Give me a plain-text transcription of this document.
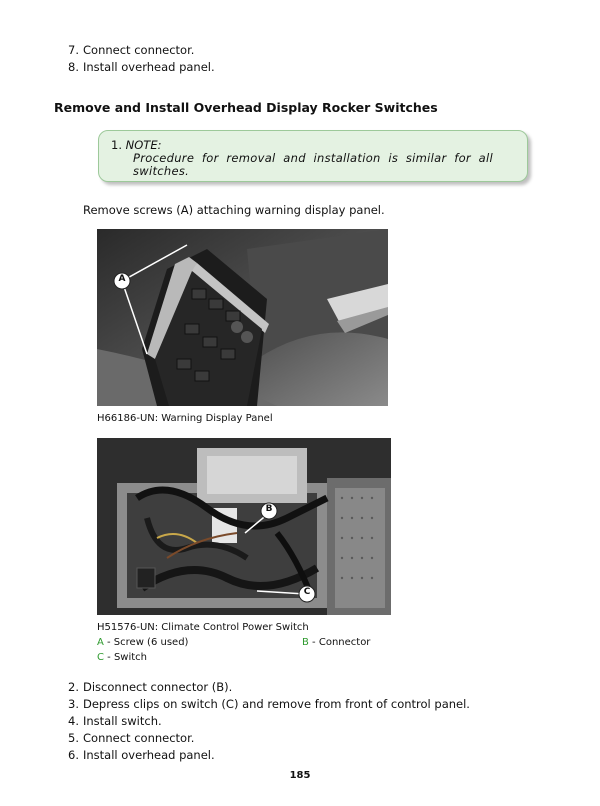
7. Connect connector.
8. Install overhead panel.
Remove and Install Overhead Display Rocker Switches
1. NOTE:
Procedure for removal and installation is similar for all switches.
Remove screws (A) attaching warning display panel.
A
H66186-UN: Warning Display Panel
B
C
H51576-UN: Climate Control Power Switch
A - Screw (6 used)	B - Connector
C - Switch
2. Disconnect connector (B).
3. Depress clips on switch (C) and remove from front of control panel.
4. Install switch.
5. Connect connector.
6. Install overhead panel.
185
